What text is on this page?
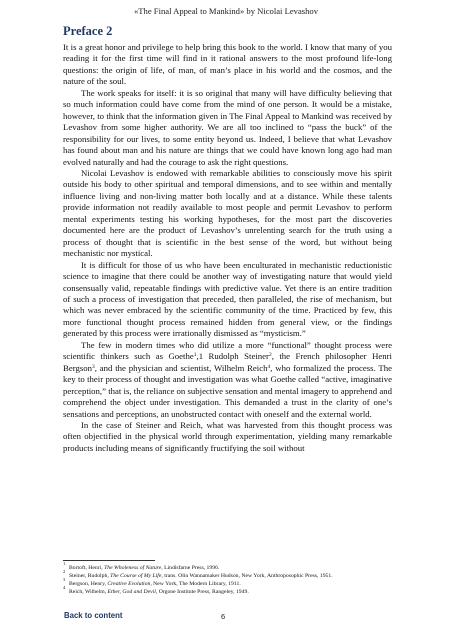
«The Final Appeal to Mankind» by Nicolai Levashov
Preface 2

It is a great honor and privilege to help bring this book to the world. I know that many of you reading it for the first time will find in it rational answers to the most profound life-long questions: the origin of life, of man, of man’s place in his world and the cosmos, and the nature of the soul.

The work speaks for itself: it is so original that many will have difficulty believing that so much information could have come from the mind of one person. It would be a mistake, however, to think that the information given in The Final Appeal to Mankind was received by Levashov from some higher authority. We are all too inclined to “pass the buck” of the responsibility for our lives, to some entity beyond us. Indeed, I believe that what Levashov has found about man and his nature are things that we could have known long ago had man evolved naturally and had the courage to ask the right questions.

Nicolai Levashov is endowed with remarkable abilities to consciously move his spirit outside his body to other spiritual and temporal dimensions, and to see within and mentally influence living and non-living matter both locally and at a distance. While these talents provide information not readily available to most people and permit Levashov to perform mental experiments testing his working hypotheses, for the most part the discoveries documented here are the product of Levashov’s unrelenting search for the truth using a process of thought that is scientific in the best sense of the word, but without being mechanistic nor mystical.

It is difficult for those of us who have been enculturated in mechanistic reductionistic science to imagine that there could be another way of investigating nature that would yield consensually valid, repeatable findings with predictive value. Yet there is an entire tradition of such a process of investigation that preceded, then paralleled, the rise of mechanism, but which was never embraced by the scientific community of the time. Practiced by few, this more functional thought process remained hidden from general view, or the findings generated by this process were irrationally dismissed as “mysticism.”

The few in modern times who did utilize a more “functional” thought process were scientific thinkers such as Goethe$^1$,1 Rudolph Steiner$^2$, the French philosopher Henri Bergson$^3$, and the physician and scientist, Wilhelm Reich$^4$, who formalized the process. The key to their process of thought and investigation was what Goethe called “active, imaginative perception,” that is, the reliance on subjective sensation and mental imagery to apprehend and comprehend the object under investigation. This demanded a trust in the clarity of one’s sensations and perceptions, an unobstructed contact with oneself and the external world.

In the case of Steiner and Reich, what was harvested from this thought process was often objectified in the physical world through experimentation, yielding many remarkable products including means of significantly fructifying the soil without

1
Bortoft, Henri, The Wholeness of Nature, Lindisfarne Press, 1996.
2
Steiner, Rudolph, The Course of My Life, trans. Olin Wannamaker Hudson, New York, Anthroposophic Press, 1951.
3
Bergson, Henry, Creative Evolution, New York, The Modern Library, 1911.
4
Reich, Wilhelm, Ether, God and Devil, Orgone Institute Press, Rangeley, 1949.
Back to content	6
